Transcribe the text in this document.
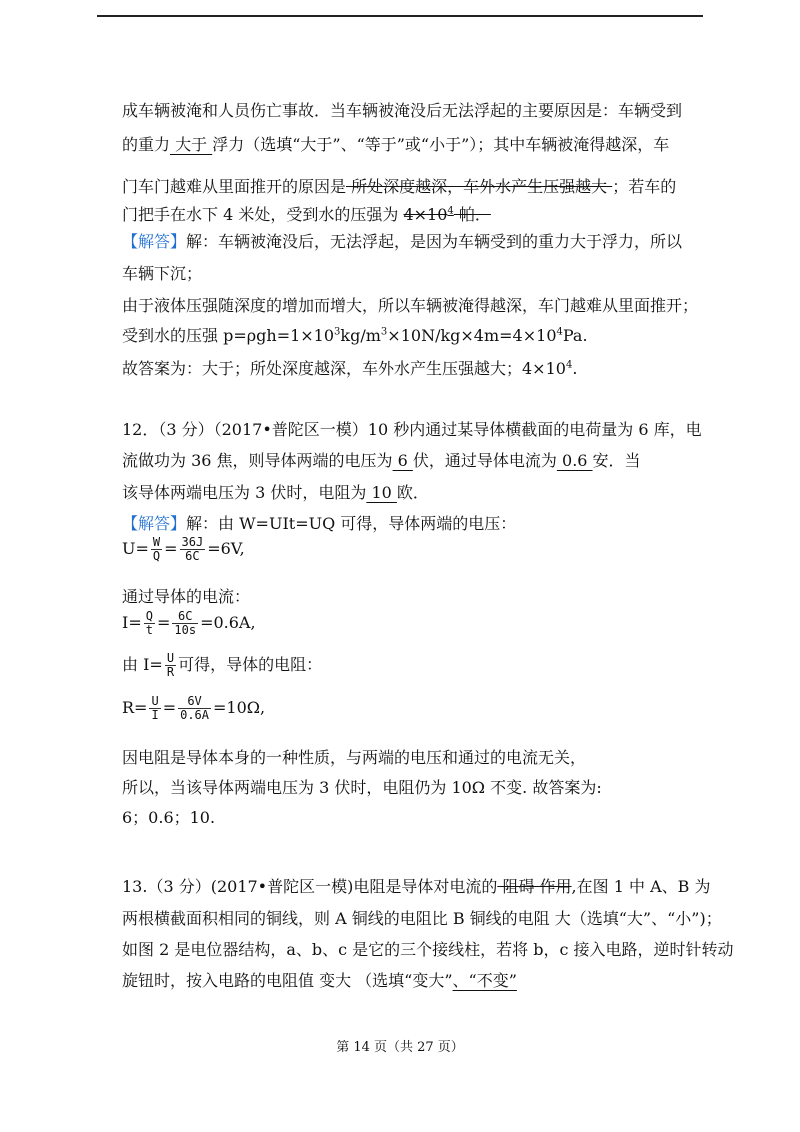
成车辆被淹和人员伤亡事故．当车辆被淹没后无法浮起的主要原因是：车辆受到
的重力 大于 浮力（选填“大于”、“等于”或“小于”）；其中车辆被淹得越深，车
门车门越难从里面推开的原因是 所处深度越深，车外水产生压强越大 ；若车的
门把手在水下 4 米处，受到水的压强为 $4\times 10^4$ 帕．
【解答】解：车辆被淹没后，无法浮起，是因为车辆受到的重力大于浮力，所以
车辆下沉；
由于液体压强随深度的增加而增大，所以车辆被淹得越深，车门越难从里面推开；
受到水的压强 $p=\rho gh=1\times 10^3kg/m^3\times 10N/kg\times 4m=4\times 10^4Pa$.
故答案为：大于；所处深度越深，车外水产生压强越大；$4\times 10^4$.
12．（3 分）（2017•普陀区一模）10 秒内通过某导体横截面的电荷量为 6 库，电
流做功为 36 焦，则导体两端的电压为 6 伏，通过导体电流为 0.6 安．当
该导体两端电压为 3 伏时，电阻为 10 欧．
【解答】解：由 W=UIt=UQ 可得，导体两端的电压：
$U= \frac{W}{Q} = \frac{36J}{6C} =6V$,
通过导体的电流：
$I= \frac{Q}{t} = \frac{6C}{10s} =0.6A$,
由 $I= \frac{U}{R}$ 可得，导体的电阻：
$R= \frac{U}{I} = \frac{6V}{0.6A} =10\Omega$,
因电阻是导体本身的一种性质，与两端的电压和通过的电流无关，
所以，当该导体两端电压为 3 伏时，电阻仍为 10Ω 不变. 故答案为:
6；0.6；10.
13.（3 分）(2017•普陀区一模)电阻是导体对电流的 阻碍 作用,在图 1 中 A、B 为
两根横截面积相同的铜线，则 A 铜线的电阻比 B 铜线的电阻 大（选填“大”、“小”)；
如图 2 是电位器结构，a、b、c 是它的三个接线柱，若将 b，c 接入电路，逆时针转动
旋钮时，按入电路的电阻值 变大 （选填“变大”、“不变”
第 14 页（共 27 页）
